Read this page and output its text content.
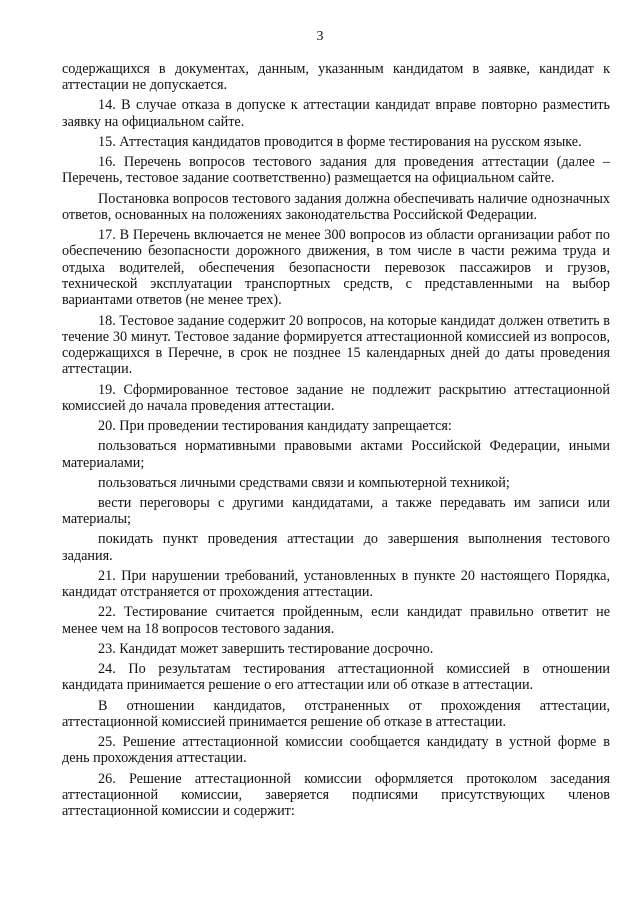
3

содержащихся в документах, данным, указанным кандидатом в заявке, кандидат к аттестации не допускается.

14. В случае отказа в допуске к аттестации кандидат вправе повторно разместить заявку на официальном сайте.

15. Аттестация кандидатов проводится в форме тестирования на русском языке.

16. Перечень вопросов тестового задания для проведения аттестации (далее – Перечень, тестовое задание соответственно) размещается на официальном сайте.

Постановка вопросов тестового задания должна обеспечивать наличие однозначных ответов, основанных на положениях законодательства Российской Федерации.

17. В Перечень включается не менее 300 вопросов из области организации работ по обеспечению безопасности дорожного движения, в том числе в части режима труда и отдыха водителей, обеспечения безопасности перевозок пассажиров и грузов, технической эксплуатации транспортных средств, с представленными на выбор вариантами ответов (не менее трех).

18. Тестовое задание содержит 20 вопросов, на которые кандидат должен ответить в течение 30 минут. Тестовое задание формируется аттестационной комиссией из вопросов, содержащихся в Перечне, в срок не позднее 15 календарных дней до даты проведения аттестации.

19. Сформированное тестовое задание не подлежит раскрытию аттестационной комиссией до начала проведения аттестации.

20. При проведении тестирования кандидату запрещается:

пользоваться нормативными правовыми актами Российской Федерации, иными материалами;

пользоваться личными средствами связи и компьютерной техникой;

вести переговоры с другими кандидатами, а также передавать им записи или материалы;

покидать пункт проведения аттестации до завершения выполнения тестового задания.

21. При нарушении требований, установленных в пункте 20 настоящего Порядка, кандидат отстраняется от прохождения аттестации.

22. Тестирование считается пройденным, если кандидат правильно ответит не менее чем на 18 вопросов тестового задания.

23. Кандидат может завершить тестирование досрочно.

24. По результатам тестирования аттестационной комиссией в отношении кандидата принимается решение о его аттестации или об отказе в аттестации.

В отношении кандидатов, отстраненных от прохождения аттестации, аттестационной комиссией принимается решение об отказе в аттестации.

25. Решение аттестационной комиссии сообщается кандидату в устной форме в день прохождения аттестации.

26. Решение аттестационной комиссии оформляется протоколом заседания аттестационной комиссии, заверяется подписями присутствующих членов аттестационной комиссии и содержит:
